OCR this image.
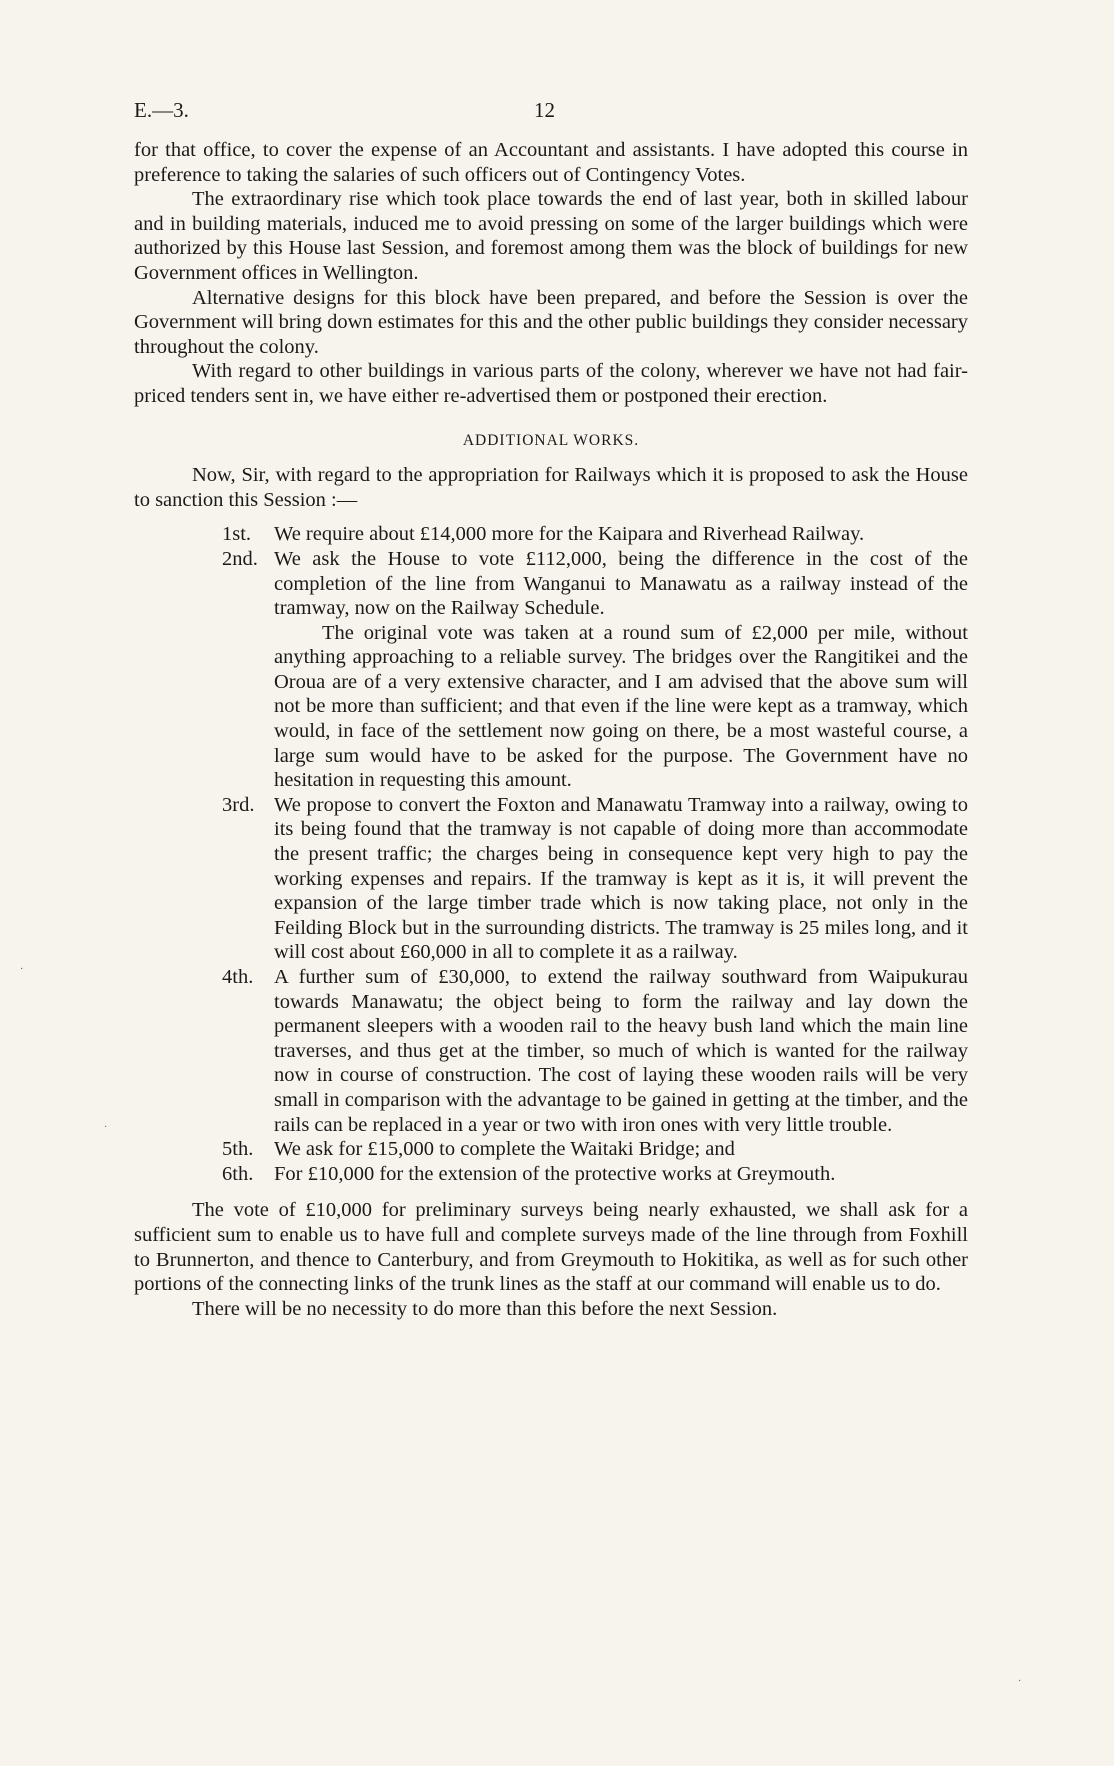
E.—3.	12

for that office, to cover the expense of an Accountant and assistants. I have adopted this course in preference to taking the salaries of such officers out of Contingency Votes.

The extraordinary rise which took place towards the end of last year, both in skilled labour and in building materials, induced me to avoid pressing on some of the larger buildings which were authorized by this House last Session, and foremost among them was the block of buildings for new Government offices in Wellington.

Alternative designs for this block have been prepared, and before the Session is over the Government will bring down estimates for this and the other public buildings they consider necessary throughout the colony.

With regard to other buildings in various parts of the colony, wherever we have not had fair-priced tenders sent in, we have either re-advertised them or postponed their erection.

ADDITIONAL WORKS.

Now, Sir, with regard to the appropriation for Railways which it is proposed to ask the House to sanction this Session :—

1st.	We require about £14,000 more for the Kaipara and Riverhead Railway.

2nd. We ask the House to vote £112,000, being the difference in the cost of the completion of the line from Wanganui to Manawatu as a railway instead of the tramway, now on the Railway Schedule.

The original vote was taken at a round sum of £2,000 per mile, without anything approaching to a reliable survey. The bridges over the Rangitikei and the Oroua are of a very extensive character, and I am advised that the above sum will not be more than sufficient; and that even if the line were kept as a tramway, which would, in face of the settlement now going on there, be a most wasteful course, a large sum would have to be asked for the purpose. The Government have no hesitation in requesting this amount.

3rd. We propose to convert the Foxton and Manawatu Tramway into a railway, owing to its being found that the tramway is not capable of doing more than accommodate the present traffic; the charges being in consequence kept very high to pay the working expenses and repairs. If the tramway is kept as it is, it will prevent the expansion of the large timber trade which is now taking place, not only in the Feilding Block but in the surrounding districts. The tramway is 25 miles long, and it will cost about £60,000 in all to complete it as a railway.

4th.	A further sum of £30,000, to extend the railway southward from Waipukurau towards Manawatu; the object being to form the railway and lay down the permanent sleepers with a wooden rail to the heavy bush land which the main line traverses, and thus get at the timber, so much of which is wanted for the railway now in course of construction. The cost of laying these wooden rails will be very small in comparison with the advantage to be gained in getting at the timber, and the rails can be replaced in a year or two with iron ones with very little trouble.

5th.	We ask for £15,000 to complete the Waitaki Bridge; and

6th.	For £10,000 for the extension of the protective works at Greymouth.

The vote of £10,000 for preliminary surveys being nearly exhausted, we shall ask for a sufficient sum to enable us to have full and complete surveys made of the line through from Foxhill to Brunnerton, and thence to Canterbury, and from Greymouth to Hokitika, as well as for such other portions of the connecting links of the trunk lines as the staff at our command will enable us to do.

There will be no necessity to do more than this before the next Session.

·
·
·
